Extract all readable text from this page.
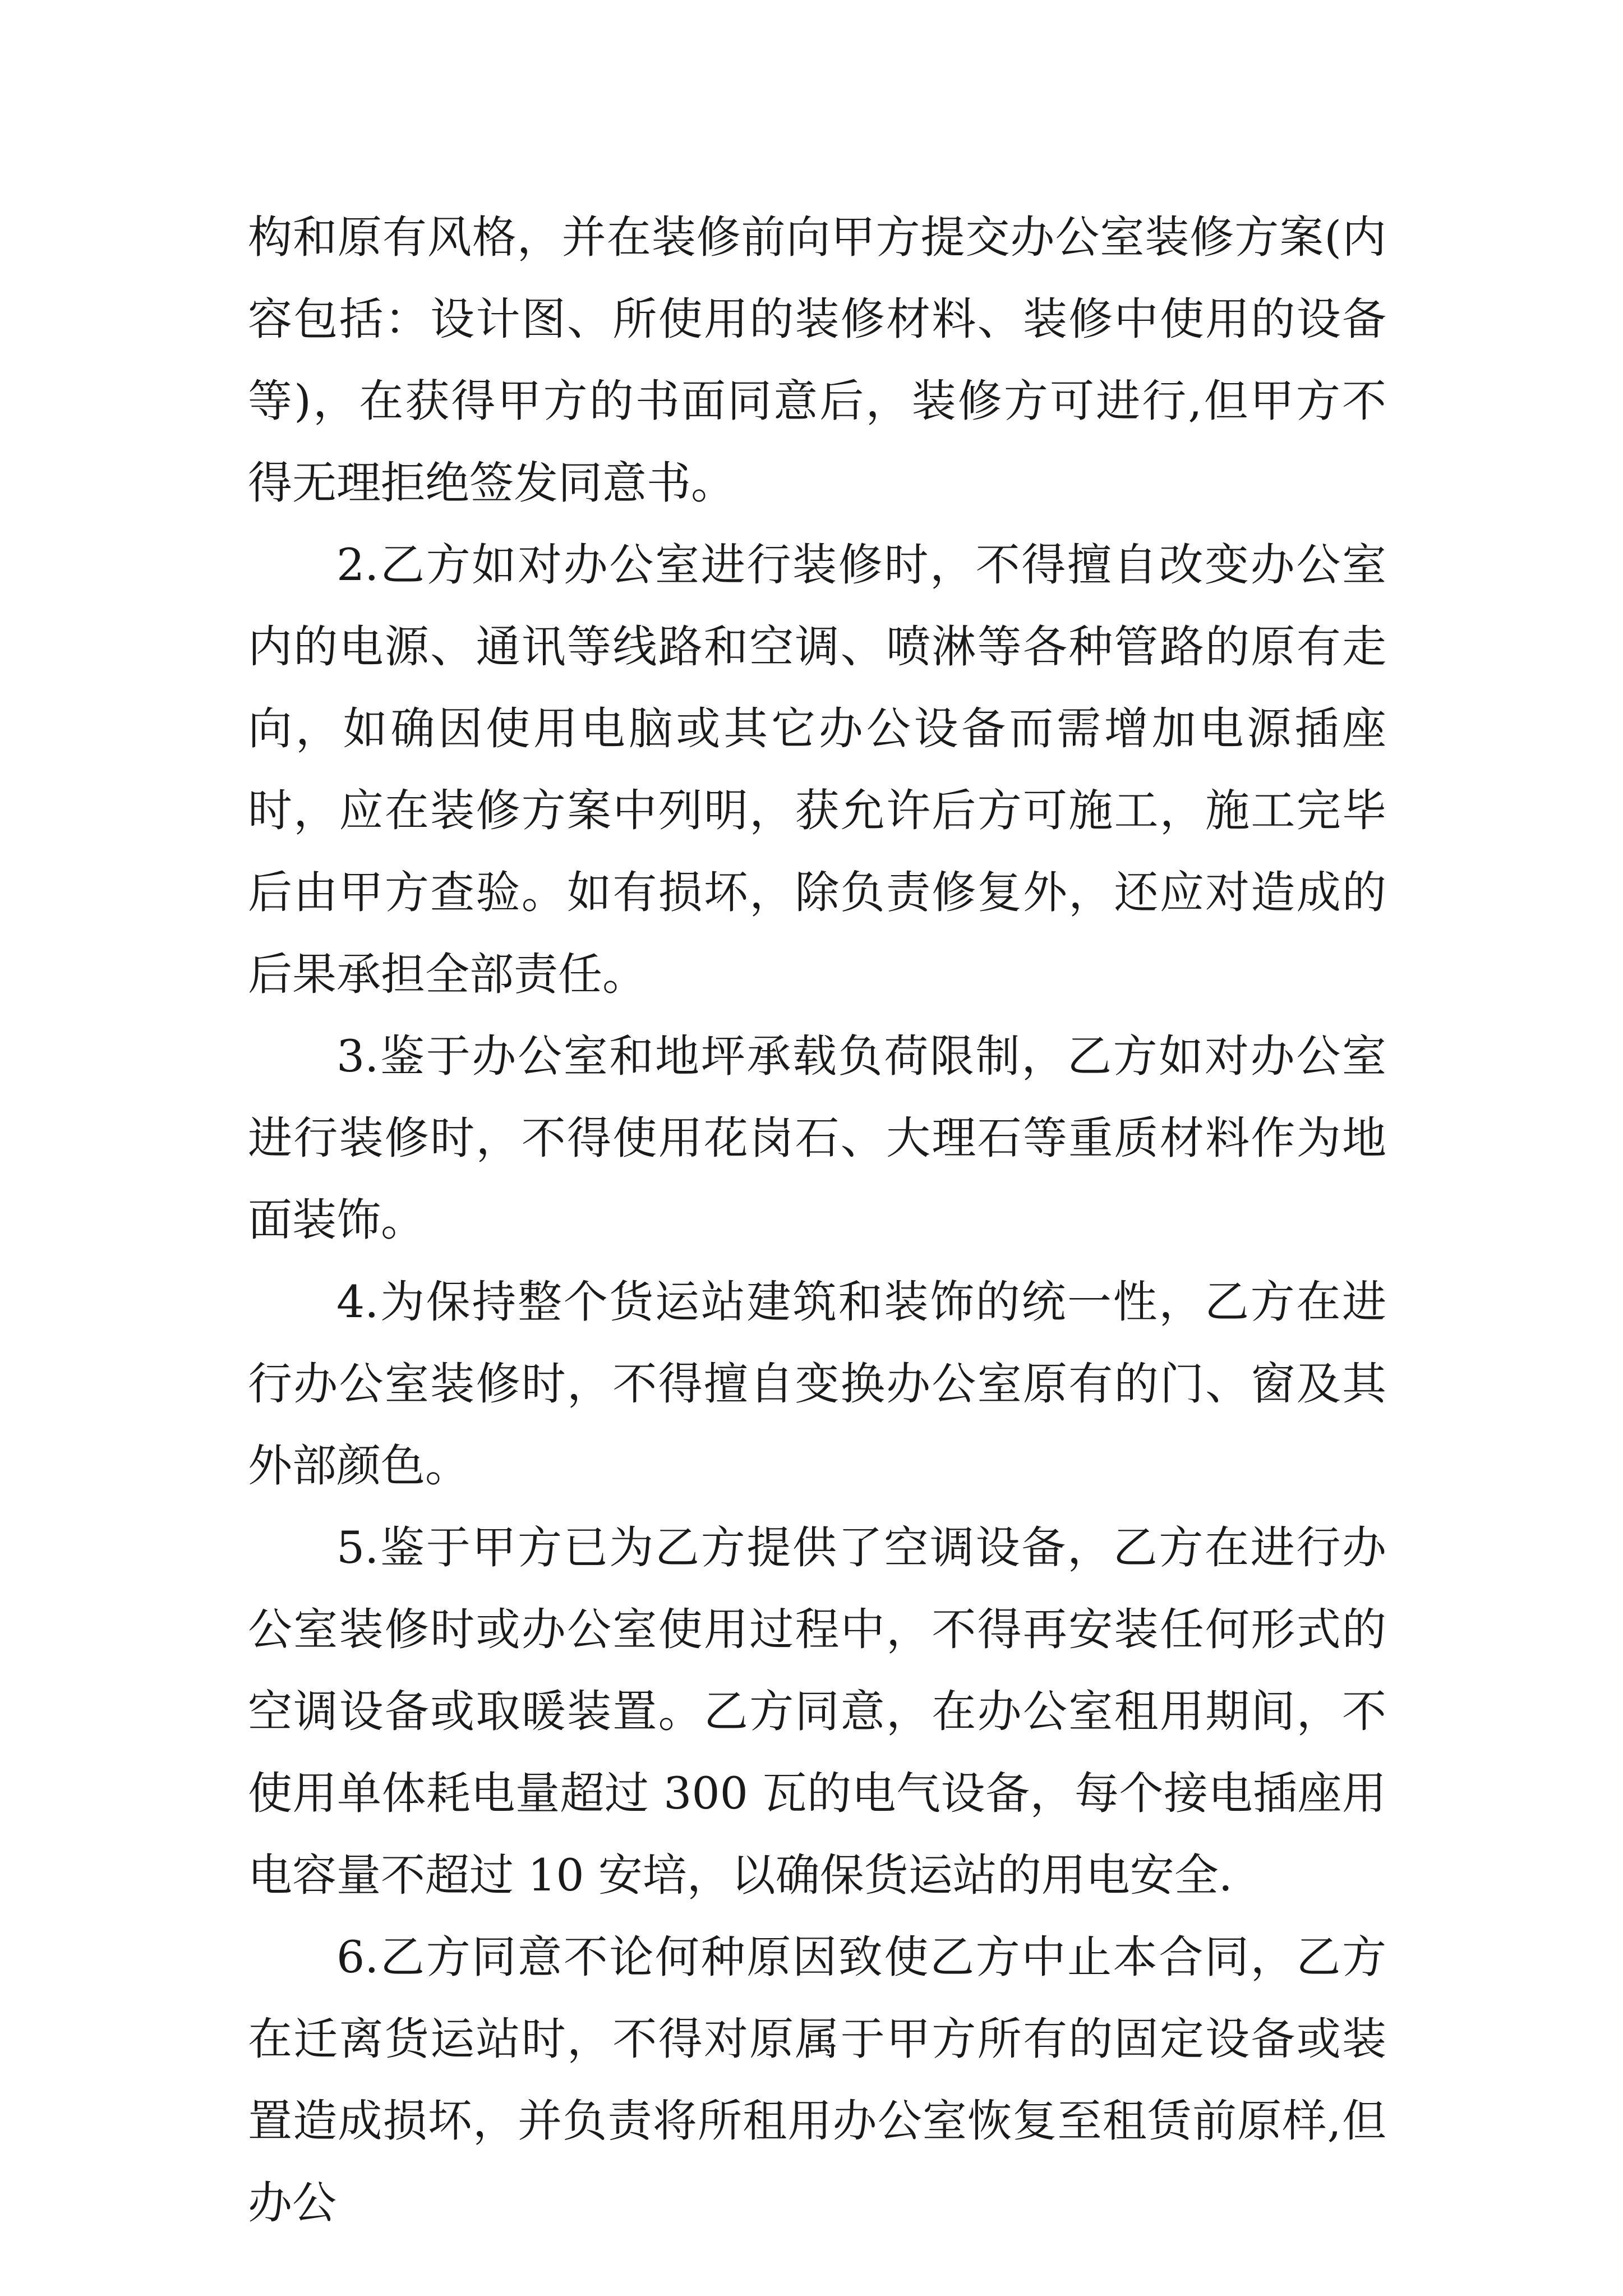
构和原有风格，并在装修前向甲方提交办公室装修方案(内容包括：设计图、所使用的装修材料、装修中使用的设备等)，在获得甲方的书面同意后，装修方可进行,但甲方不得无理拒绝签发同意书。

2.乙方如对办公室进行装修时，不得擅自改变办公室内的电源、通讯等线路和空调、喷淋等各种管路的原有走向，如确因使用电脑或其它办公设备而需增加电源插座时，应在装修方案中列明，获允许后方可施工，施工完毕后由甲方查验。如有损坏，除负责修复外，还应对造成的后果承担全部责任。

3.鉴于办公室和地坪承载负荷限制，乙方如对办公室进行装修时，不得使用花岗石、大理石等重质材料作为地面装饰。

4.为保持整个货运站建筑和装饰的统一性，乙方在进行办公室装修时，不得擅自变换办公室原有的门、窗及其外部颜色。

5.鉴于甲方已为乙方提供了空调设备，乙方在进行办公室装修时或办公室使用过程中，不得再安装任何形式的空调设备或取暖装置。乙方同意，在办公室租用期间，不使用单体耗电量超过 300 瓦的电气设备，每个接电插座用电容量不超过 10 安培，以确保货运站的用电安全.

6.乙方同意不论何种原因致使乙方中止本合同，乙方在迁离货运站时，不得对原属于甲方所有的固定设备或装置造成损坏，并负责将所租用办公室恢复至租赁前原样,但办公
